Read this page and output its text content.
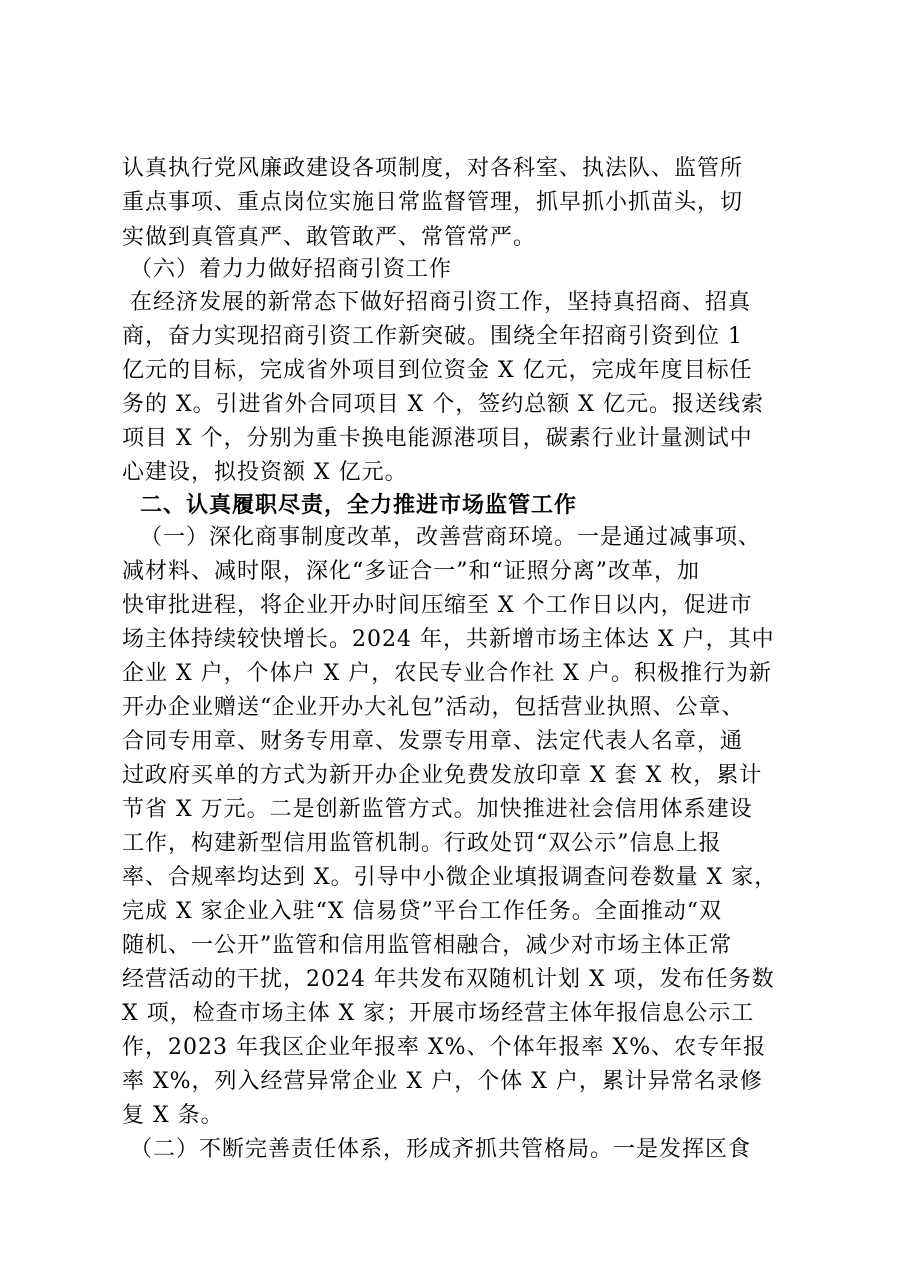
认真执行党风廉政建设各项制度，对各科室、执法队、监管所
重点事项、重点岗位实施日常监督管理，抓早抓小抓苗头，切
实做到真管真严、敢管敢严、常管常严。
（六）着力力做好招商引资工作
在经济发展的新常态下做好招商引资工作，坚持真招商、招真
商，奋力实现招商引资工作新突破。围绕全年招商引资到位 1
亿元的目标，完成省外项目到位资金 X 亿元，完成年度目标任
务的 X。引进省外合同项目 X 个，签约总额 X 亿元。报送线索
项目 X 个，分别为重卡换电能源港项目，碳素行业计量测试中
心建设，拟投资额 X 亿元。
二、认真履职尽责，全力推进市场监管工作
（一）深化商事制度改革，改善营商环境。一是通过减事项、
减材料、减时限，深化“多证合一”和“证照分离”改革，加
快审批进程，将企业开办时间压缩至 X 个工作日以内，促进市
场主体持续较快增长。2024 年，共新增市场主体达 X 户，其中
企业 X 户，个体户 X 户，农民专业合作社 X 户。积极推行为新
开办企业赠送“企业开办大礼包”活动，包括营业执照、公章、
合同专用章、财务专用章、发票专用章、法定代表人名章，通
过政府买单的方式为新开办企业免费发放印章 X 套 X 枚，累计
节省 X 万元。二是创新监管方式。加快推进社会信用体系建设
工作，构建新型信用监管机制。行政处罚“双公示”信息上报
率、合规率均达到 X。引导中小微企业填报调查问卷数量 X 家，
完成 X 家企业入驻“X 信易贷”平台工作任务。全面推动“双
随机、一公开”监管和信用监管相融合，减少对市场主体正常
经营活动的干扰，2024 年共发布双随机计划 X 项，发布任务数
X 项，检查市场主体 X 家；开展市场经营主体年报信息公示工
作，2023 年我区企业年报率 X%、个体年报率 X%、农专年报
率 X%，列入经营异常企业 X 户，个体 X 户，累计异常名录修
复 X 条。
（二）不断完善责任体系，形成齐抓共管格局。一是发挥区食
